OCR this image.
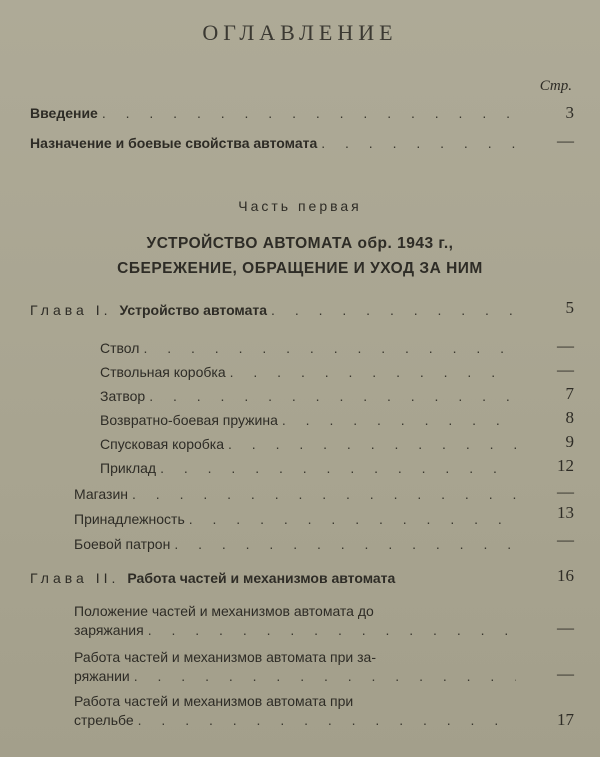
ОГЛАВЛЕНИЕ
Стр.
Введение . . .	3
Назначение и боевые свойства автомата . . .	—
Часть первая
УСТРОЙСТВО АВТОМАТА обр. 1943 г.,
СБЕРЕЖЕНИЕ, ОБРАЩЕНИЕ И УХОД ЗА НИМ
Глава I. Устройство автомата . . .	5
Ствол . . .	—
Ствольная коробка . . .	—
Затвор . . .	7
Возвратно-боевая пружина . . .	8
Спусковая коробка . . .	9
Приклад . . .	12
Магазин . . .	—
Принадлежность . . .	13
Боевой патрон . . .	—
Глава II. Работа частей и механизмов автомата	16
Положение частей и механизмов автомата до
заряжания . . .	—
Работа частей и механизмов автомата при за-
ряжании . . .	—
Работа частей и механизмов автомата при
стрельбе . . .	17
